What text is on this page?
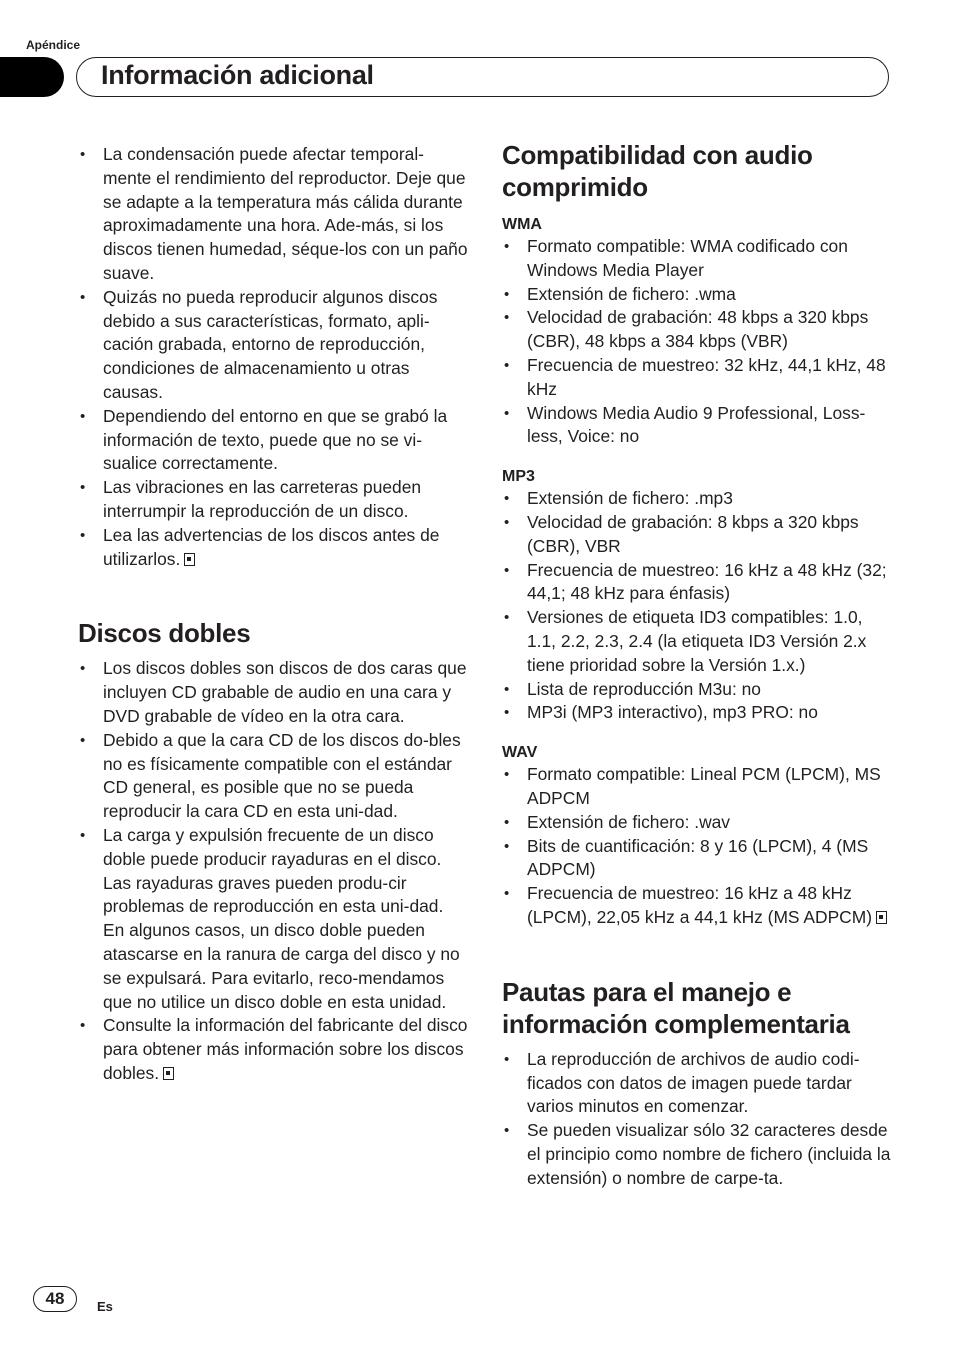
Apéndice
Información adicional
• La condensación puede afectar temporal-mente el rendimiento del reproductor. Deje que se adapte a la temperatura más cálida durante aproximadamente una hora. Ade-más, si los discos tienen humedad, séque-los con un paño suave.
• Quizás no pueda reproducir algunos discos debido a sus características, formato, apli-cación grabada, entorno de reproducción, condiciones de almacenamiento u otras causas.
• Dependiendo del entorno en que se grabó la información de texto, puede que no se vi-sualice correctamente.
• Las vibraciones en las carreteras pueden interrumpir la reproducción de un disco.
• Lea las advertencias de los discos antes de utilizarlos.
Discos dobles
• Los discos dobles son discos de dos caras que incluyen CD grabable de audio en una cara y DVD grabable de vídeo en la otra cara.
• Debido a que la cara CD de los discos do-bles no es físicamente compatible con el estándar CD general, es posible que no se pueda reproducir la cara CD en esta uni-dad.
• La carga y expulsión frecuente de un disco doble puede producir rayaduras en el disco. Las rayaduras graves pueden produ-cir problemas de reproducción en esta uni-dad. En algunos casos, un disco doble pueden atascarse en la ranura de carga del disco y no se expulsará. Para evitarlo, reco-mendamos que no utilice un disco doble en esta unidad.
• Consulte la información del fabricante del disco para obtener más información sobre los discos dobles.
Compatibilidad con audio comprimido
WMA
• Formato compatible: WMA codificado con Windows Media Player
• Extensión de fichero: .wma
• Velocidad de grabación: 48 kbps a 320 kbps (CBR), 48 kbps a 384 kbps (VBR)
• Frecuencia de muestreo: 32 kHz, 44,1 kHz, 48 kHz
• Windows Media Audio 9 Professional, Loss-less, Voice: no
MP3
• Extensión de fichero: .mp3
• Velocidad de grabación: 8 kbps a 320 kbps (CBR), VBR
• Frecuencia de muestreo: 16 kHz a 48 kHz (32; 44,1; 48 kHz para énfasis)
• Versiones de etiqueta ID3 compatibles: 1.0, 1.1, 2.2, 2.3, 2.4 (la etiqueta ID3 Versión 2.x tiene prioridad sobre la Versión 1.x.)
• Lista de reproducción M3u: no
• MP3i (MP3 interactivo), mp3 PRO: no
WAV
• Formato compatible: Lineal PCM (LPCM), MS ADPCM
• Extensión de fichero: .wav
• Bits de cuantificación: 8 y 16 (LPCM), 4 (MS ADPCM)
• Frecuencia de muestreo: 16 kHz a 48 kHz (LPCM), 22,05 kHz a 44,1 kHz (MS ADPCM)
Pautas para el manejo e información complementaria
• La reproducción de archivos de audio codi-ficados con datos de imagen puede tardar varios minutos en comenzar.
• Se pueden visualizar sólo 32 caracteres desde el principio como nombre de fichero (incluida la extensión) o nombre de carpe-ta.
48	Es
